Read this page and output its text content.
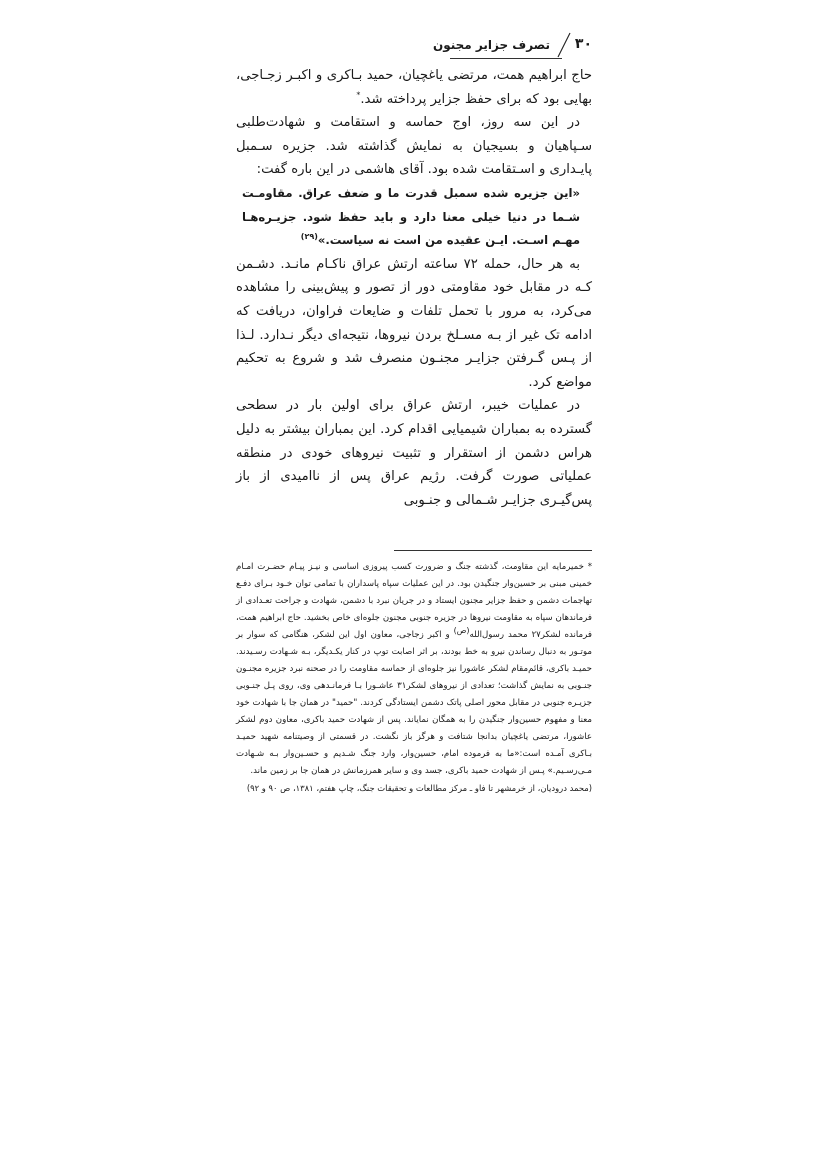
۳۰
تصرف جزایر مجنون

حاج ابراهیم همت، مرتضی یاغچیان، حمید بـاکری و اکبـر زجـاجی، بهایی بود که برای حفظ جزایر پرداخته شد.*

در این سه روز، اوج حماسه و استقامت و شهادت‌طلبی سـپاهیان و بسیجیان به نمایش گذاشته شد. جزیره سـمبل پایـداری و اسـتقامت شده بود. آقای هاشمی در این باره گفت:

«این جزیره شده سمبل قدرت ما و ضعف عراق. مقاومـت شـما در دنیا خیلی معنا دارد و باید حفظ شود. جزیـره‌هـا مهـم اسـت. ایـن عقیده من است نه سیاست.»$^{(۲۹)}$

به هر حال، حمله ۷۲ ساعته ارتش عراق ناکـام مانـد. دشـمن کـه در مقابل خود مقاومتی دور از تصور و پیش‌بینی را مشاهده می‌کرد، به مرور با تحمل تلفات و ضایعات فراوان، دریافت که ادامه تک غیر از بـه مسـلخ بردن نیروها، نتیجه‌ای دیگر نـدارد. لـذا از پـس گـرفتن جزایـر مجنـون منصرف شد و شروع به تحکیم مواضع کرد.

در عملیات خیبر، ارتش عراق برای اولین بار در سطحی گسترده به بمباران شیمیایی اقدام کرد. این بمباران بیشتر به دلیل هراس دشمن از استقرار و تثبیت نیروهای خودی در منطقه عملیاتی صورت گرفت. رژیم عراق پس از ناامیدی از باز پس‌گیـری جزایـر شـمالی و جنـوبی

* خمیرمایه این مقاومت، گذشته جنگ و ضرورت کسب پیروزی اساسی و نیـز پیـام حضـرت امـام خمینی مبنی بر حسین‌وار جنگیدن بود. در این عملیات سپاه پاسداران با تمامی توان خـود بـرای دفـع تهاجمات دشمن و حفظ جزایر مجنون ایستاد و در جریان نبرد با دشمن، شهادت و جراحت تعـدادی از فرماندهان سپاه به مقاومت نیروها در جزیره جنوبی مجنون جلوه‌ای خاص بخشید. حاج ابراهیم همت، فرمانده لشکر۲۷ محمد رسول‌الله$^{(ص)}$ و اکبر زجاجی، معاون اول این لشکر، هنگامی که سوار بر موتـور به دنبال رساندن نیرو به خط بودند، بر اثر اصابت توپ در کنار یکـدیگر، بـه شـهادت رسـیدند. حمیـد باکری، قائم‌مقام لشکر عاشورا نیز جلوه‌ای از حماسه مقاومت را در صحنه نبرد جزیره مجنـون جنـوبی به نمایش گذاشت؛ تعدادی از نیروهای لشکر۳۱ عاشـورا بـا فرمانـدهی وی، روی پـل جنـوبی جزیـره جنوبی در مقابل محور اصلی پاتک دشمن ایستادگی کردند. "حمید" در همان جا با شهادت خود معنا و مفهوم حسین‌وار جنگیدن را به همگان نمایاند. پس از شهادت حمید باکری، معاون دوم لشکر عاشورا، مرتضی یاغچیان بدانجا شتافت و هرگز باز نگشت. در قسمتی از وصیتنامه شهید حمیـد بـاکری آمـده است:«ما به فرموده امام، حسین‌وار، وارد جنگ شـدیم و حسـین‌وار بـه شـهادت مـی‌رسـیم.» پـس از شهادت حمید باکری، جسد وی و سایر همرزمانش در همان جا بر زمین ماند.

(محمد درودیان، از خرمشهر تا فاو ـ مرکز مطالعات و تحقیقات جنگ، چاپ هفتم، ۱۳۸۱، ص ۹۰ و ۹۲)
